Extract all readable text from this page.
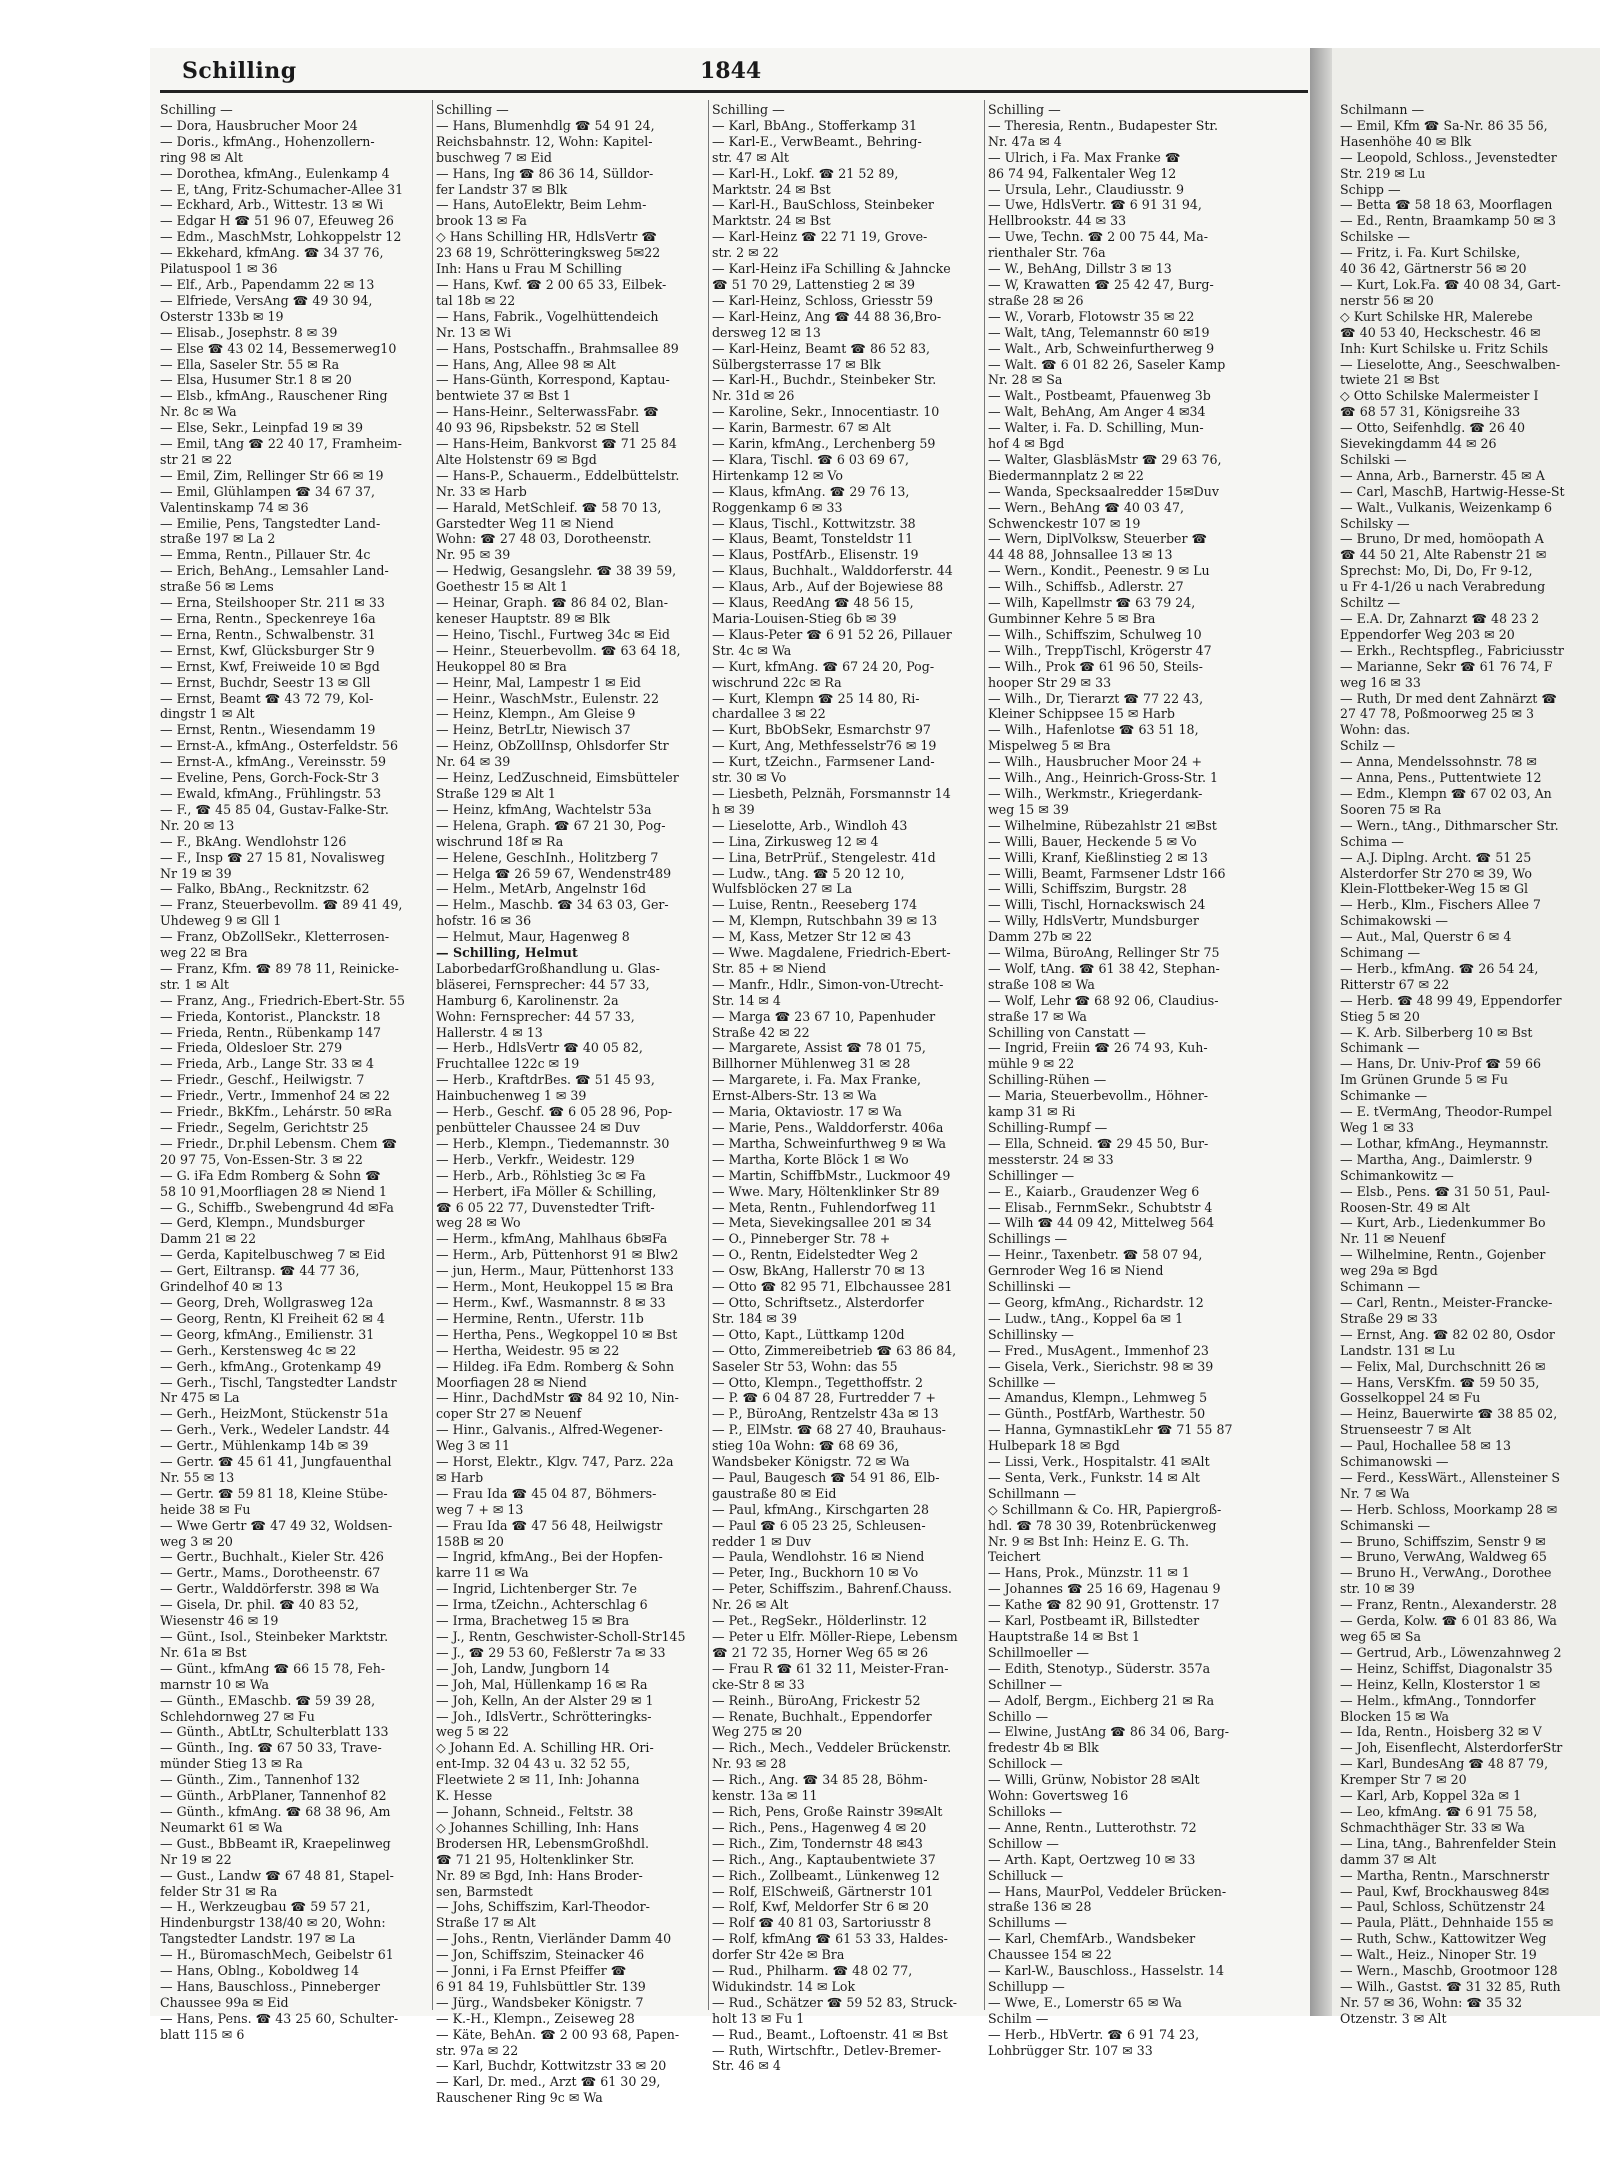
Schilling	1844
Schilling —
— Dora, Hausbrucher Moor 24
— Doris., kfmAng., Hohenzollern-
ring 98 ✉ Alt
— Dorothea, kfmAng., Eulenkamp 4
— E, tAng, Fritz-Schumacher-Allee 31
— Eckhard, Arb., Wittestr. 13 ✉ Wi
— Edgar H ☎ 51 96 07, Efeuweg 26
— Edm., MaschMstr, Lohkoppelstr 12
— Ekkehard, kfmAng. ☎ 34 37 76,
Pilatuspool 1 ✉ 36
— Elf., Arb., Papendamm 22 ✉ 13
— Elfriede, VersAng ☎ 49 30 94,
Osterstr 133b ✉ 19
— Elisab., Josephstr. 8 ✉ 39
— Else ☎ 43 02 14, Bessemerweg10
— Ella, Saseler Str. 55 ✉ Ra
— Elsa, Husumer Str.1 8 ✉ 20
— Elsb., kfmAng., Rauschener Ring
Nr. 8c ✉ Wa
— Else, Sekr., Leinpfad 19 ✉ 39
— Emil, tAng ☎ 22 40 17, Framheim-
str 21 ✉ 22
— Emil, Zim, Rellinger Str 66 ✉ 19
— Emil, Glühlampen ☎ 34 67 37,
Valentinskamp 74 ✉ 36
— Emilie, Pens, Tangstedter Land-
straße 197 ✉ La 2
— Emma, Rentn., Pillauer Str. 4c
— Erich, BehAng., Lemsahler Land-
straße 56 ✉ Lems
— Erna, Steilshooper Str. 211 ✉ 33
— Erna, Rentn., Speckenreye 16a
— Erna, Rentn., Schwalbenstr. 31
— Ernst, Kwf, Glücksburger Str 9
— Ernst, Kwf, Freiweide 10 ✉ Bgd
— Ernst, Buchdr, Seestr 13 ✉ Gll
— Ernst, Beamt ☎ 43 72 79, Kol-
dingstr 1 ✉ Alt
— Ernst, Rentn., Wiesendamm 19
— Ernst-A., kfmAng., Osterfeldstr. 56
— Ernst-A., kfmAng., Vereinsstr. 59
— Eveline, Pens, Gorch-Fock-Str 3
— Ewald, kfmAng., Frühlingstr. 53
— F., ☎ 45 85 04, Gustav-Falke-Str.
Nr. 20 ✉ 13
— F., BkAng. Wendlohstr 126
— F., Insp ☎ 27 15 81, Novalisweg
Nr 19 ✉ 39
— Falko, BbAng., Recknitzstr. 62
— Franz, Steuerbevollm. ☎ 89 41 49,
Uhdeweg 9 ✉ Gll 1
— Franz, ObZollSekr., Kletterrosen-
weg 22 ✉ Bra
— Franz, Kfm. ☎ 89 78 11, Reinicke-
str. 1 ✉ Alt
— Franz, Ang., Friedrich-Ebert-Str. 55
— Frieda, Kontorist., Planckstr. 18
— Frieda, Rentn., Rübenkamp 147
— Frieda, Oldesloer Str. 279
— Frieda, Arb., Lange Str. 33 ✉ 4
— Friedr., Geschf., Heilwigstr. 7
— Friedr., Vertr., Immenhof 24 ✉ 22
— Friedr., BkKfm., Lehárstr. 50 ✉Ra
— Friedr., Segelm, Gerichtstr 25
— Friedr., Dr.phil Lebensm. Chem ☎
20 97 75, Von-Essen-Str. 3 ✉ 22
— G. iFa Edm Romberg & Sohn ☎
58 10 91,Moorfliagen 28 ✉ Niend 1
— G., Schiffb., Swebengrund 4d ✉Fa
— Gerd, Klempn., Mundsburger
Damm 21 ✉ 22
— Gerda, Kapitelbuschweg 7 ✉ Eid
— Gert, Eiltransp. ☎ 44 77 36,
Grindelhof 40 ✉ 13
— Georg, Dreh, Wollgrasweg 12a
— Georg, Rentn, Kl Freiheit 62 ✉ 4
— Georg, kfmAng., Emilienstr. 31
— Gerh., Kerstensweg 4c ✉ 22
— Gerh., kfmAng., Grotenkamp 49
— Gerh., Tischl, Tangstedter Landstr
Nr 475 ✉ La
— Gerh., HeizMont, Stückenstr 51a
— Gerh., Verk., Wedeler Landstr. 44
— Gertr., Mühlenkamp 14b ✉ 39
— Gertr. ☎ 45 61 41, Jungfauenthal
Nr. 55 ✉ 13
— Gertr. ☎ 59 81 18, Kleine Stübe-
heide 38 ✉ Fu
— Wwe Gertr ☎ 47 49 32, Woldsen-
weg 3 ✉ 20
— Gertr., Buchhalt., Kieler Str. 426
— Gertr., Mams., Dorotheenstr. 67
— Gertr., Walddörferstr. 398 ✉ Wa
— Gisela, Dr. phil. ☎ 40 83 52,
Wiesenstr 46 ✉ 19
— Günt., Isol., Steinbeker Marktstr.
Nr. 61a ✉ Bst
— Günt., kfmAng ☎ 66 15 78, Feh-
marnstr 10 ✉ Wa
— Günth., EMaschb. ☎ 59 39 28,
Schlehdornweg 27 ✉ Fu
— Günth., AbtLtr, Schulterblatt 133
— Günth., Ing. ☎ 67 50 33, Trave-
münder Stieg 13 ✉ Ra
— Günth., Zim., Tannenhof 132
— Günth., ArbPlaner, Tannenhof 82
— Günth., kfmAng. ☎ 68 38 96, Am
Neumarkt 61 ✉ Wa
— Gust., BbBeamt iR, Kraepelinweg
Nr 19 ✉ 22
— Gust., Landw ☎ 67 48 81, Stapel-
felder Str 31 ✉ Ra
— H., Werkzeugbau ☎ 59 57 21,
Hindenburgstr 138/40 ✉ 20, Wohn:
Tangstedter Landstr. 197 ✉ La
— H., BüromaschMech, Geibelstr 61
— Hans, Oblng., Koboldweg 14
— Hans, Bauschloss., Pinneberger
Chaussee 99a ✉ Eid
— Hans, Pens. ☎ 43 25 60, Schulter-
blatt 115 ✉ 6
Schilling —
— Hans, Blumenhdlg ☎ 54 91 24,
Reichsbahnstr. 12, Wohn: Kapitel-
buschweg 7 ✉ Eid
— Hans, Ing ☎ 86 36 14, Sülldor-
fer Landstr 37 ✉ Blk
— Hans, AutoElektr, Beim Lehm-
brook 13 ✉ Fa
◇ Hans Schilling HR, HdlsVertr ☎
23 68 19, Schrötteringksweg 5✉22
Inh: Hans u Frau M Schilling
— Hans, Kwf. ☎ 2 00 65 33, Eilbek-
tal 18b ✉ 22
— Hans, Fabrik., Vogelhüttendeich
Nr. 13 ✉ Wi
— Hans, Postschaffn., Brahmsallee 89
— Hans, Ang, Allee 98 ✉ Alt
— Hans-Günth, Korrespond, Kaptau-
bentwiete 37 ✉ Bst 1
— Hans-Heinr., SelterwassFabr. ☎
40 93 96, Ripsbekstr. 52 ✉ Stell
— Hans-Heim, Bankvorst ☎ 71 25 84
Alte Holstenstr 69 ✉ Bgd
— Hans-P., Schauerm., Eddelbüttelstr.
Nr. 33 ✉ Harb
— Harald, MetSchleif. ☎ 58 70 13,
Garstedter Weg 11 ✉ Niend
Wohn: ☎ 27 48 03, Dorotheenstr.
Nr. 95 ✉ 39
— Hedwig, Gesangslehr. ☎ 38 39 59,
Goethestr 15 ✉ Alt 1
— Heinar, Graph. ☎ 86 84 02, Blan-
keneser Hauptstr. 89 ✉ Blk
— Heino, Tischl., Furtweg 34c ✉ Eid
— Heinr., Steuerbevollm. ☎ 63 64 18,
Heukoppel 80 ✉ Bra
— Heinr, Mal, Lampestr 1 ✉ Eid
— Heinr., WaschMstr., Eulenstr. 22
— Heinz, Klempn., Am Gleise 9
— Heinz, BetrLtr, Niewisch 37
— Heinz, ObZollInsp, Ohlsdorfer Str
Nr. 64 ✉ 39
— Heinz, LedZuschneid, Eimsbütteler
Straße 129 ✉ Alt 1
— Heinz, kfmAng, Wachtelstr 53a
— Helena, Graph. ☎ 67 21 30, Pog-
wischrund 18f ✉ Ra
— Helene, GeschInh., Holitzberg 7
— Helga ☎ 26 59 67, Wendenstr489
— Helm., MetArb, Angelnstr 16d
— Helm., Maschb. ☎ 34 63 03, Ger-
hofstr. 16 ✉ 36
— Helmut, Maur, Hagenweg 8
— Schilling, Helmut
LaborbedarfGroßhandlung u. Glas-
bläserei, Fernsprecher: 44 57 33,
Hamburg 6, Karolinenstr. 2a
Wohn: Fernsprecher: 44 57 33,
Hallerstr. 4 ✉ 13
— Herb., HdlsVertr ☎ 40 05 82,
Fruchtallee 122c ✉ 19
— Herb., KraftdrBes. ☎ 51 45 93,
Hainbuchenweg 1 ✉ 39
— Herb., Geschf. ☎ 6 05 28 96, Pop-
penbütteler Chaussee 24 ✉ Duv
— Herb., Klempn., Tiedemannstr. 30
— Herb., Verkfr., Weidestr. 129
— Herb., Arb., Röhlstieg 3c ✉ Fa
— Herbert, iFa Möller & Schilling,
☎ 6 05 22 77, Duvenstedter Trift-
weg 28 ✉ Wo
— Herm., kfmAng, Mahlhaus 6b✉Fa
— Herm., Arb, Püttenhorst 91 ✉ Blw2
— jun, Herm., Maur, Püttenhorst 133
— Herm., Mont, Heukoppel 15 ✉ Bra
— Herm., Kwf., Wasmannstr. 8 ✉ 33
— Hermine, Rentn., Uferstr. 11b
— Hertha, Pens., Wegkoppel 10 ✉ Bst
— Hertha, Weidestr. 95 ✉ 22
— Hildeg. iFa Edm. Romberg & Sohn
Moorfiagen 28 ✉ Niend
— Hinr., DachdMstr ☎ 84 92 10, Nin-
coper Str 27 ✉ Neuenf
— Hinr., Galvanis., Alfred-Wegener-
Weg 3 ✉ 11
— Horst, Elektr., Klgv. 747, Parz. 22a
✉ Harb
— Frau Ida ☎ 45 04 87, Böhmers-
weg 7 + ✉ 13
— Frau Ida ☎ 47 56 48, Heilwigstr
158B ✉ 20
— Ingrid, kfmAng., Bei der Hopfen-
karre 11 ✉ Wa
— Ingrid, Lichtenberger Str. 7e
— Irma, tZeichn., Achterschlag 6
— Irma, Brachetweg 15 ✉ Bra
— J., Rentn, Geschwister-Scholl-Str145
— J., ☎ 29 53 60, Feßlerstr 7a ✉ 33
— Joh, Landw, Jungborn 14
— Joh, Mal, Hüllenkamp 16 ✉ Ra
— Joh, Kelln, An der Alster 29 ✉ 1
— Joh., IdlsVertr., Schrötteringks-
weg 5 ✉ 22
◇ Johann Ed. A. Schilling HR. Ori-
ent-Imp. 32 04 43 u. 32 52 55,
Fleetwiete 2 ✉ 11, Inh: Johanna
K. Hesse
— Johann, Schneid., Feltstr. 38
◇ Johannes Schilling, Inh: Hans
Brodersen HR, LebensmGroßhdl.
☎ 71 21 95, Holtenklinker Str.
Nr. 89 ✉ Bgd, Inh: Hans Broder-
sen, Barmstedt
— Johs, Schiffszim, Karl-Theodor-
Straße 17 ✉ Alt
— Johs., Rentn, Vierländer Damm 40
— Jon, Schiffszim, Steinacker 46
— Jonni, i Fa Ernst Pfeiffer ☎
6 91 84 19, Fuhlsbüttler Str. 139
— Jürg., Wandsbeker Königstr. 7
— K.-H., Klempn., Zeiseweg 28
— Käte, BehAn. ☎ 2 00 93 68, Papen-
str. 97a ✉ 22
— Karl, Buchdr, Kottwitzstr 33 ✉ 20
— Karl, Dr. med., Arzt ☎ 61 30 29,
Rauschener Ring 9c ✉ Wa
Schilling —
— Karl, BbAng., Stofferkamp 31
— Karl-E., VerwBeamt., Behring-
str. 47 ✉ Alt
— Karl-H., Lokf. ☎ 21 52 89,
Marktstr. 24 ✉ Bst
— Karl-H., BauSchloss, Steinbeker
Marktstr. 24 ✉ Bst
— Karl-Heinz ☎ 22 71 19, Grove-
str. 2 ✉ 22
— Karl-Heinz iFa Schilling & Jahncke
☎ 51 70 29, Lattenstieg 2 ✉ 39
— Karl-Heinz, Schloss, Griesstr 59
— Karl-Heinz, Ang ☎ 44 88 36,Bro-
dersweg 12 ✉ 13
— Karl-Heinz, Beamt ☎ 86 52 83,
Sülbergsterrasse 17 ✉ Blk
— Karl-H., Buchdr., Steinbeker Str.
Nr. 31d ✉ 26
— Karoline, Sekr., Innocentiastr. 10
— Karin, Barmestr. 67 ✉ Alt
— Karin, kfmAng., Lerchenberg 59
— Klara, Tischl. ☎ 6 03 69 67,
Hirtenkamp 12 ✉ Vo
— Klaus, kfmAng. ☎ 29 76 13,
Roggenkamp 6 ✉ 33
— Klaus, Tischl., Kottwitzstr. 38
— Klaus, Beamt, Tonsteldstr 11
— Klaus, PostfArb., Elisenstr. 19
— Klaus, Buchhalt., Walddorferstr. 44
— Klaus, Arb., Auf der Bojewiese 88
— Klaus, ReedAng ☎ 48 56 15,
Maria-Louisen-Stieg 6b ✉ 39
— Klaus-Peter ☎ 6 91 52 26, Pillauer
Str. 4c ✉ Wa
— Kurt, kfmAng. ☎ 67 24 20, Pog-
wischrund 22c ✉ Ra
— Kurt, Klempn ☎ 25 14 80, Ri-
chardallee 3 ✉ 22
— Kurt, BbObSekr, Esmarchstr 97
— Kurt, Ang, Methfesselstr76 ✉ 19
— Kurt, tZeichn., Farmsener Land-
str. 30 ✉ Vo
— Liesbeth, Pelznäh, Forsmannstr 14
h ✉ 39
— Lieselotte, Arb., Windloh 43
— Lina, Zirkusweg 12 ✉ 4
— Lina, BetrPrüf., Stengelestr. 41d
— Ludw., tAng. ☎ 5 20 12 10,
Wulfsblöcken 27 ✉ La
— Luise, Rentn., Reeseberg 174
— M, Klempn, Rutschbahn 39 ✉ 13
— M, Kass, Metzer Str 12 ✉ 43
— Wwe. Magdalene, Friedrich-Ebert-
Str. 85 + ✉ Niend
— Manfr., Hdlr., Simon-von-Utrecht-
Str. 14 ✉ 4
— Marga ☎ 23 67 10, Papenhuder
Straße 42 ✉ 22
— Margarete, Assist ☎ 78 01 75,
Billhorner Mühlenweg 31 ✉ 28
— Margarete, i. Fa. Max Franke,
Ernst-Albers-Str. 13 ✉ Wa
— Maria, Oktaviostr. 17 ✉ Wa
— Marie, Pens., Walddorferstr. 406a
— Martha, Schweinfurthweg 9 ✉ Wa
— Martha, Korte Blöck 1 ✉ Wo
— Martin, SchiffbMstr., Luckmoor 49
— Wwe. Mary, Höltenklinker Str 89
— Meta, Rentn., Fuhlendorfweg 11
— Meta, Sievekingsallee 201 ✉ 34
— O., Pinneberger Str. 78 +
— O., Rentn, Eidelstedter Weg 2
— Osw, BkAng, Hallerstr 70 ✉ 13
— Otto ☎ 82 95 71, Elbchaussee 281
— Otto, Schriftsetz., Alsterdorfer
Str. 184 ✉ 39
— Otto, Kapt., Lüttkamp 120d
— Otto, Zimmereibetrieb ☎ 63 86 84,
Saseler Str 53, Wohn: das 55
— Otto, Klempn., Tegetthoffstr. 2
— P. ☎ 6 04 87 28, Furtredder 7 +
— P., BüroAng, Rentzelstr 43a ✉ 13
— P., ElMstr. ☎ 68 27 40, Brauhaus-
stieg 10a Wohn: ☎ 68 69 36,
Wandsbeker Königstr. 72 ✉ Wa
— Paul, Baugesch ☎ 54 91 86, Elb-
gaustraße 80 ✉ Eid
— Paul, kfmAng., Kirschgarten 28
— Paul ☎ 6 05 23 25, Schleusen-
redder 1 ✉ Duv
— Paula, Wendlohstr. 16 ✉ Niend
— Peter, Ing., Buckhorn 10 ✉ Vo
— Peter, Schiffszim., Bahrenf.Chauss.
Nr. 26 ✉ Alt
— Pet., RegSekr., Hölderlinstr. 12
— Peter u Elfr. Möller-Riepe, Lebensm
☎ 21 72 35, Horner Weg 65 ✉ 26
— Frau R ☎ 61 32 11, Meister-Fran-
cke-Str 8 ✉ 33
— Reinh., BüroAng, Frickestr 52
— Renate, Buchhalt., Eppendorfer
Weg 275 ✉ 20
— Rich., Mech., Veddeler Brückenstr.
Nr. 93 ✉ 28
— Rich., Ang. ☎ 34 85 28, Böhm-
kenstr. 13a ✉ 11
— Rich, Pens, Große Rainstr 39✉Alt
— Rich., Pens., Hagenweg 4 ✉ 20
— Rich., Zim, Tondernstr 48 ✉43
— Rich., Ang., Kaptaubentwiete 37
— Rich., Zollbeamt., Lünkenweg 12
— Rolf, ElSchweiß, Gärtnerstr 101
— Rolf, Kwf, Meldorfer Str 6 ✉ 20
— Rolf ☎ 40 81 03, Sartoriusstr 8
— Rolf, kfmAng ☎ 61 53 33, Haldes-
dorfer Str 42e ✉ Bra
— Rud., Philharm. ☎ 48 02 77,
Widukindstr. 14 ✉ Lok
— Rud., Schätzer ☎ 59 52 83, Struck-
holt 13 ✉ Fu 1
— Rud., Beamt., Loftoenstr. 41 ✉ Bst
— Ruth, Wirtschftr., Detlev-Bremer-
Str. 46 ✉ 4
Schilling —
— Theresia, Rentn., Budapester Str.
Nr. 47a ✉ 4
— Ulrich, i Fa. Max Franke ☎
86 74 94, Falkentaler Weg 12
— Ursula, Lehr., Claudiusstr. 9
— Uwe, HdlsVertr. ☎ 6 91 31 94,
Hellbrookstr. 44 ✉ 33
— Uwe, Techn. ☎ 2 00 75 44, Ma-
rienthaler Str. 76a
— W., BehAng, Dillstr 3 ✉ 13
— W, Krawatten ☎ 25 42 47, Burg-
straße 28 ✉ 26
— W., Vorarb, Flotowstr 35 ✉ 22
— Walt, tAng, Telemannstr 60 ✉19
— Walt., Arb, Schweinfurtherweg 9
— Walt. ☎ 6 01 82 26, Saseler Kamp
Nr. 28 ✉ Sa
— Walt., Postbeamt, Pfauenweg 3b
— Walt, BehAng, Am Anger 4 ✉34
— Walter, i. Fa. D. Schilling, Mun-
hof 4 ✉ Bgd
— Walter, GlasbläsMstr ☎ 29 63 76,
Biedermannplatz 2 ✉ 22
— Wanda, Specksaalredder 15✉Duv
— Wern., BehAng ☎ 40 03 47,
Schwenckestr 107 ✉ 19
— Wern, DiplVolksw, Steuerber ☎
44 48 88, Johnsallee 13 ✉ 13
— Wern., Kondit., Peenestr. 9 ✉ Lu
— Wilh., Schiffsb., Adlerstr. 27
— Wilh, Kapellmstr ☎ 63 79 24,
Gumbinner Kehre 5 ✉ Bra
— Wilh., Schiffszim, Schulweg 10
— Wilh., TreppTischl, Krögerstr 47
— Wilh., Prok ☎ 61 96 50, Steils-
hooper Str 29 ✉ 33
— Wilh., Dr, Tierarzt ☎ 77 22 43,
Kleiner Schippsee 15 ✉ Harb
— Wilh., Hafenlotse ☎ 63 51 18,
Mispelweg 5 ✉ Bra
— Wilh., Hausbrucher Moor 24 +
— Wilh., Ang., Heinrich-Gross-Str. 1
— Wilh., Werkmstr., Kriegerdank-
weg 15 ✉ 39
— Wilhelmine, Rübezahlstr 21 ✉Bst
— Willi, Bauer, Heckende 5 ✉ Vo
— Willi, Kranf, Kießlinstieg 2 ✉ 13
— Willi, Beamt, Farmsener Ldstr 166
— Willi, Schiffszim, Burgstr. 28
— Willi, Tischl, Hornackswisch 24
— Willy, HdlsVertr, Mundsburger
Damm 27b ✉ 22
— Wilma, BüroAng, Rellinger Str 75
— Wolf, tAng. ☎ 61 38 42, Stephan-
straße 108 ✉ Wa
— Wolf, Lehr ☎ 68 92 06, Claudius-
straße 17 ✉ Wa
Schilling von Canstatt —
— Ingrid, Freiin ☎ 26 74 93, Kuh-
mühle 9 ✉ 22
Schilling-Rühen —
— Maria, Steuerbevollm., Höhner-
kamp 31 ✉ Ri
Schilling-Rumpf —
— Ella, Schneid. ☎ 29 45 50, Bur-
messterstr. 24 ✉ 33
Schillinger —
— E., Kaiarb., Graudenzer Weg 6
— Elisab., FernmSekr., Schubtstr 4
— Wilh ☎ 44 09 42, Mittelweg 564
Schillings —
— Heinr., Taxenbetr. ☎ 58 07 94,
Gernroder Weg 16 ✉ Niend
Schillinski —
— Georg, kfmAng., Richardstr. 12
— Ludw., tAng., Koppel 6a ✉ 1
Schillinsky —
— Fred., MusAgent., Immenhof 23
— Gisela, Verk., Sierichstr. 98 ✉ 39
Schillke —
— Amandus, Klempn., Lehmweg 5
— Günth., PostfArb, Warthestr. 50
— Hanna, GymnastikLehr ☎ 71 55 87
Hulbepark 18 ✉ Bgd
— Lissi, Verk., Hospitalstr. 41 ✉Alt
— Senta, Verk., Funkstr. 14 ✉ Alt
Schillmann —
◇ Schillmann & Co. HR, Papiergroß-
hdl. ☎ 78 30 39, Rotenbrückenweg
Nr. 9 ✉ Bst Inh: Heinz E. G. Th.
Teichert
— Hans, Prok., Münzstr. 11 ✉ 1
— Johannes ☎ 25 16 69, Hagenau 9
— Kathe ☎ 82 90 91, Grottenstr. 17
— Karl, Postbeamt iR, Billstedter
Hauptstraße 14 ✉ Bst 1
Schillmoeller —
— Edith, Stenotyp., Süderstr. 357a
Schillner —
— Adolf, Bergm., Eichberg 21 ✉ Ra
Schillo —
— Elwine, JustAng ☎ 86 34 06, Barg-
fredestr 4b ✉ Blk
Schillock —
— Willi, Grünw, Nobistor 28 ✉Alt
Wohn: Govertsweg 16
Schilloks —
— Anne, Rentn., Lutterothstr. 72
Schillow —
— Arth. Kapt, Oertzweg 10 ✉ 33
Schilluck —
— Hans, MaurPol, Veddeler Brücken-
straße 136 ✉ 28
Schillums —
— Karl, ChemfArb., Wandsbeker
Chaussee 154 ✉ 22
— Karl-W., Bauschloss., Hasselstr. 14
Schillupp —
— Wwe, E., Lomerstr 65 ✉ Wa
Schilm —
— Herb., HbVertr. ☎ 6 91 74 23,
Lohbrügger Str. 107 ✉ 33
Schilmann —
— Emil, Kfm ☎ Sa-Nr. 86 35 56,
Hasenhöhe 40 ✉ Blk
— Leopold, Schloss., Jevenstedter
Str. 219 ✉ Lu
Schipp —
— Betta ☎ 58 18 63, Moorflagen
— Ed., Rentn, Braamkamp 50 ✉ 3
Schilske —
— Fritz, i. Fa. Kurt Schilske,
40 36 42, Gärtnerstr 56 ✉ 20
— Kurt, Lok.Fa. ☎ 40 08 34, Gart-
nerstr 56 ✉ 20
◇ Kurt Schilske HR, Malerebe
☎ 40 53 40, Heckschestr. 46 ✉
Inh: Kurt Schilske u. Fritz Schils
— Lieselotte, Ang., Seeschwalben-
twiete 21 ✉ Bst
◇ Otto Schilske Malermeister I
☎ 68 57 31, Königsreihe 33
— Otto, Seifenhdlg. ☎ 26 40
Sievekingdamm 44 ✉ 26
Schilski —
— Anna, Arb., Barnerstr. 45 ✉ A
— Carl, MaschB, Hartwig-Hesse-St
— Walt., Vulkanis, Weizenkamp 6
Schilsky —
— Bruno, Dr med, homöopath A
☎ 44 50 21, Alte Rabenstr 21 ✉
Sprechst: Mo, Di, Do, Fr 9-12,
u Fr 4-1/26 u nach Verabredung
Schiltz —
— E.A. Dr, Zahnarzt ☎ 48 23 2
Eppendorfer Weg 203 ✉ 20
— Erkh., Rechtspfleg., Fabriciusstr
— Marianne, Sekr ☎ 61 76 74, F
weg 16 ✉ 33
— Ruth, Dr med dent Zahnärzt ☎
27 47 78, Poßmoorweg 25 ✉ 3
Wohn: das.
Schilz —
— Anna, Mendelssohnstr. 78 ✉
— Anna, Pens., Puttentwiete 12
— Edm., Klempn ☎ 67 02 03, An
Sooren 75 ✉ Ra
— Wern., tAng., Dithmarscher Str.
Schima —
— A.J. Diplng. Archt. ☎ 51 25
Alsterdorfer Str 270 ✉ 39, Wo
Klein-Flottbeker-Weg 15 ✉ Gl
— Herb., Klm., Fischers Allee 7
Schimakowski —
— Aut., Mal, Querstr 6 ✉ 4
Schimang —
— Herb., kfmAng. ☎ 26 54 24,
Ritterstr 67 ✉ 22
— Herb. ☎ 48 99 49, Eppendorfer
Stieg 5 ✉ 20
— K. Arb. Silberberg 10 ✉ Bst
Schimank —
— Hans, Dr. Univ-Prof ☎ 59 66
Im Grünen Grunde 5 ✉ Fu
Schimanke —
— E. tVermAng, Theodor-Rumpel
Weg 1 ✉ 33
— Lothar, kfmAng., Heymannstr.
— Martha, Ang., Daimlerstr. 9
Schimankowitz —
— Elsb., Pens. ☎ 31 50 51, Paul-
Roosen-Str. 49 ✉ Alt
— Kurt, Arb., Liedenkummer Bo
Nr. 11 ✉ Neuenf
— Wilhelmine, Rentn., Gojenber
weg 29a ✉ Bgd
Schimann —
— Carl, Rentn., Meister-Francke-
Straße 29 ✉ 33
— Ernst, Ang. ☎ 82 02 80, Osdor
Landstr. 131 ✉ Lu
— Felix, Mal, Durchschnitt 26 ✉
— Hans, VersKfm. ☎ 59 50 35,
Gosselkoppel 24 ✉ Fu
— Heinz, Bauerwirte ☎ 38 85 02,
Struenseestr 7 ✉ Alt
— Paul, Hochallee 58 ✉ 13
Schimanowski —
— Ferd., KessWärt., Allensteiner S
Nr. 7 ✉ Wa
— Herb. Schloss, Moorkamp 28 ✉
Schimanski —
— Bruno, Schiffszim, Senstr 9 ✉
— Bruno, VerwAng, Waldweg 65
— Bruno H., VerwAng., Dorothee
str. 10 ✉ 39
— Franz, Rentn., Alexanderstr. 28
— Gerda, Kolw. ☎ 6 01 83 86, Wa
weg 65 ✉ Sa
— Gertrud, Arb., Löwenzahnweg 2
— Heinz, Schiffst, Diagonalstr 35
— Heinz, Kelln, Klosterstor 1 ✉
— Helm., kfmAng., Tonndorfer
Blocken 15 ✉ Wa
— Ida, Rentn., Hoisberg 32 ✉ V
— Joh, Eisenflecht, AlsterdorferStr
— Karl, BundesAng ☎ 48 87 79,
Kremper Str 7 ✉ 20
— Karl, Arb, Koppel 32a ✉ 1
— Leo, kfmAng. ☎ 6 91 75 58,
Schmachthäger Str. 33 ✉ Wa
— Lina, tAng., Bahrenfelder Stein
damm 37 ✉ Alt
— Martha, Rentn., Marschnerstr
— Paul, Kwf, Brockhausweg 84✉
— Paul, Schloss, Schützenstr 24
— Paula, Plätt., Dehnhaide 155 ✉
— Ruth, Schw., Kattowitzer Weg
— Walt., Heiz., Ninoper Str. 19
— Wern., Maschb, Grootmoor 128
— Wilh., Gastst. ☎ 31 32 85, Ruth
Nr. 57 ✉ 36, Wohn: ☎ 35 32
Otzenstr. 3 ✉ Alt
